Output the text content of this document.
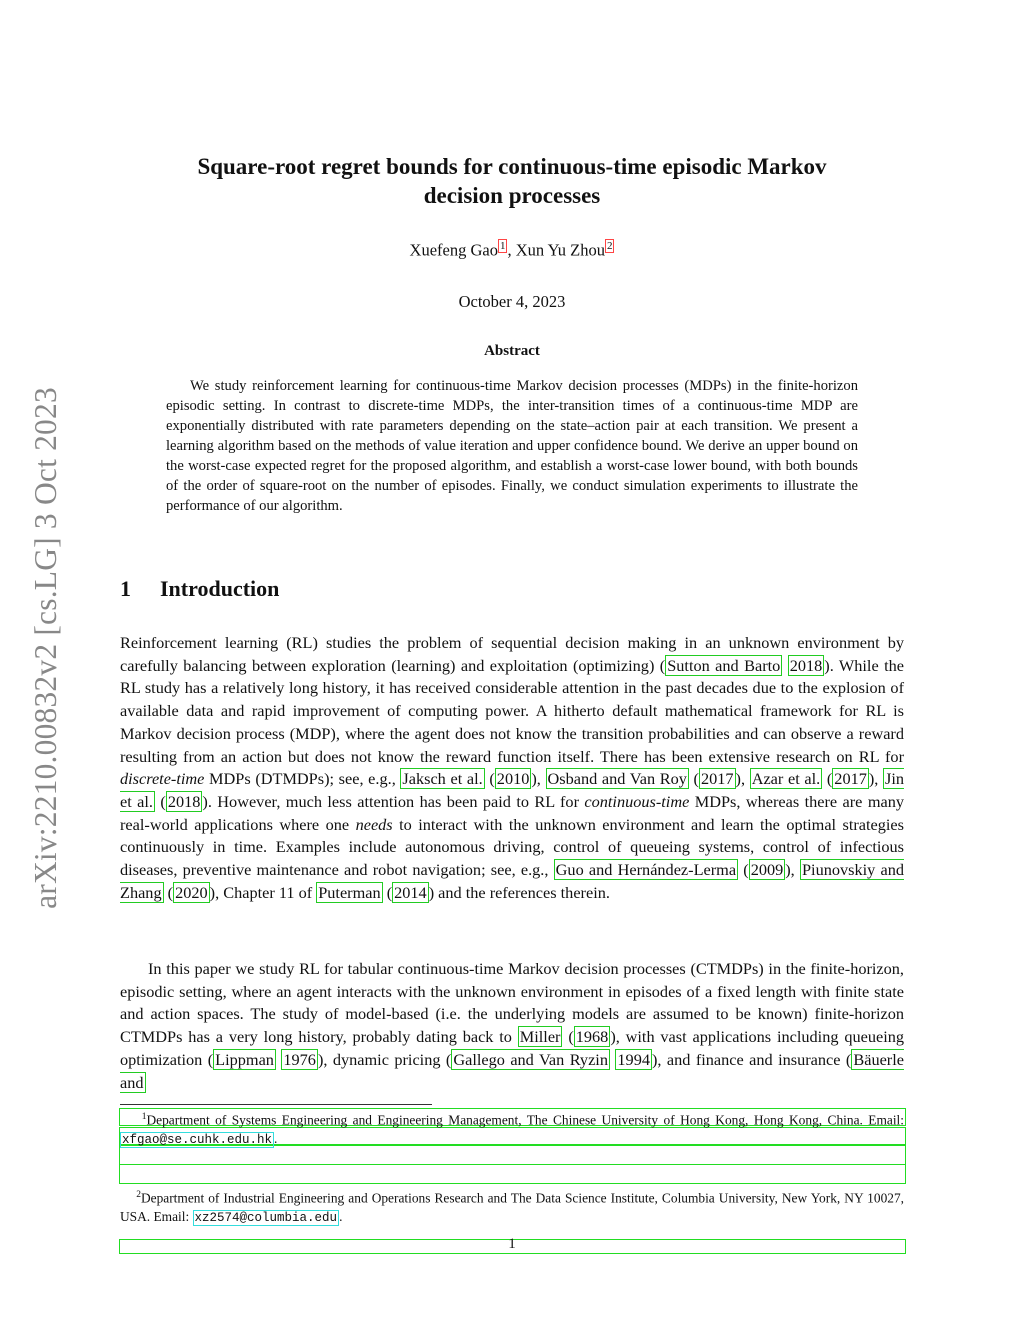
arXiv:2210.00832v2 [cs.LG] 3 Oct 2023
Square-root regret bounds for continuous-time episodic Markov
decision processes
Xuefeng Gao $^1$ , Xun Yu Zhou $^2$
October 4, 2023
Abstract

We study reinforcement learning for continuous-time Markov decision processes (MDPs) in the finite-horizon episodic setting. In contrast to discrete-time MDPs, the inter-transition times of a continuous-time MDP are exponentially distributed with rate parameters depending on the state–action pair at each transition. We present a learning algorithm based on the methods of value iteration and upper confidence bound. We derive an upper bound on the worst-case expected regret for the proposed algorithm, and establish a worst-case lower bound, with both bounds of the order of square-root on the number of episodes. Finally, we conduct simulation experiments to illustrate the performance of our algorithm.

1 Introduction

Reinforcement learning (RL) studies the problem of sequential decision making in an unknown environment by carefully balancing between exploration (learning) and exploitation (optimizing) ( Sutton and Barto 2018 ). While the RL study has a relatively long history, it has received considerable attention in the past decades due to the explosion of available data and rapid improvement of computing power. A hitherto default mathematical framework for RL is Markov decision process (MDP), where the agent does not know the transition probabilities and can observe a reward resulting from an action but does not know the reward function itself. There has been extensive research on RL for discrete-time MDPs (DTMDPs); see, e.g., Jaksch et al. ( 2010 ), Osband and Van Roy ( 2017 ), Azar et al. ( 2017 ), Jin et al. ( 2018 ). However, much less attention has been paid to RL for continuous-time MDPs, whereas there are many real-world applications where one needs to interact with the unknown environment and learn the optimal strategies continuously in time. Examples include autonomous driving, control of queueing systems, control of infectious diseases, preventive maintenance and robot navigation; see, e.g., Guo and Hernández-Lerma ( 2009 ), Piunovskiy and Zhang ( 2020 ), Chapter 11 of Puterman ( 2014 ) and the references therein.

In this paper we study RL for tabular continuous-time Markov decision processes (CTMDPs) in the finite-horizon, episodic setting, where an agent interacts with the unknown environment in episodes of a fixed length with finite state and action spaces. The study of model-based (i.e. the underlying models are assumed to be known) finite-horizon CTMDPs has a very long history, probably dating back to Miller ( 1968 ), with vast applications including queueing optimization ( Lippman 1976 ), dynamic pricing ( Gallego and Van Ryzin 1994 ), and finance and insurance ( Bäuerle and

$^1$Department of Systems Engineering and Engineering Management, The Chinese University of Hong Kong, Hong Kong, China. Email: xfgao@se.cuhk.edu.hk .

$^2$Department of Industrial Engineering and Operations Research and The Data Science Institute, Columbia University, New York, NY 10027, USA. Email: xz2574@columbia.edu .

1
